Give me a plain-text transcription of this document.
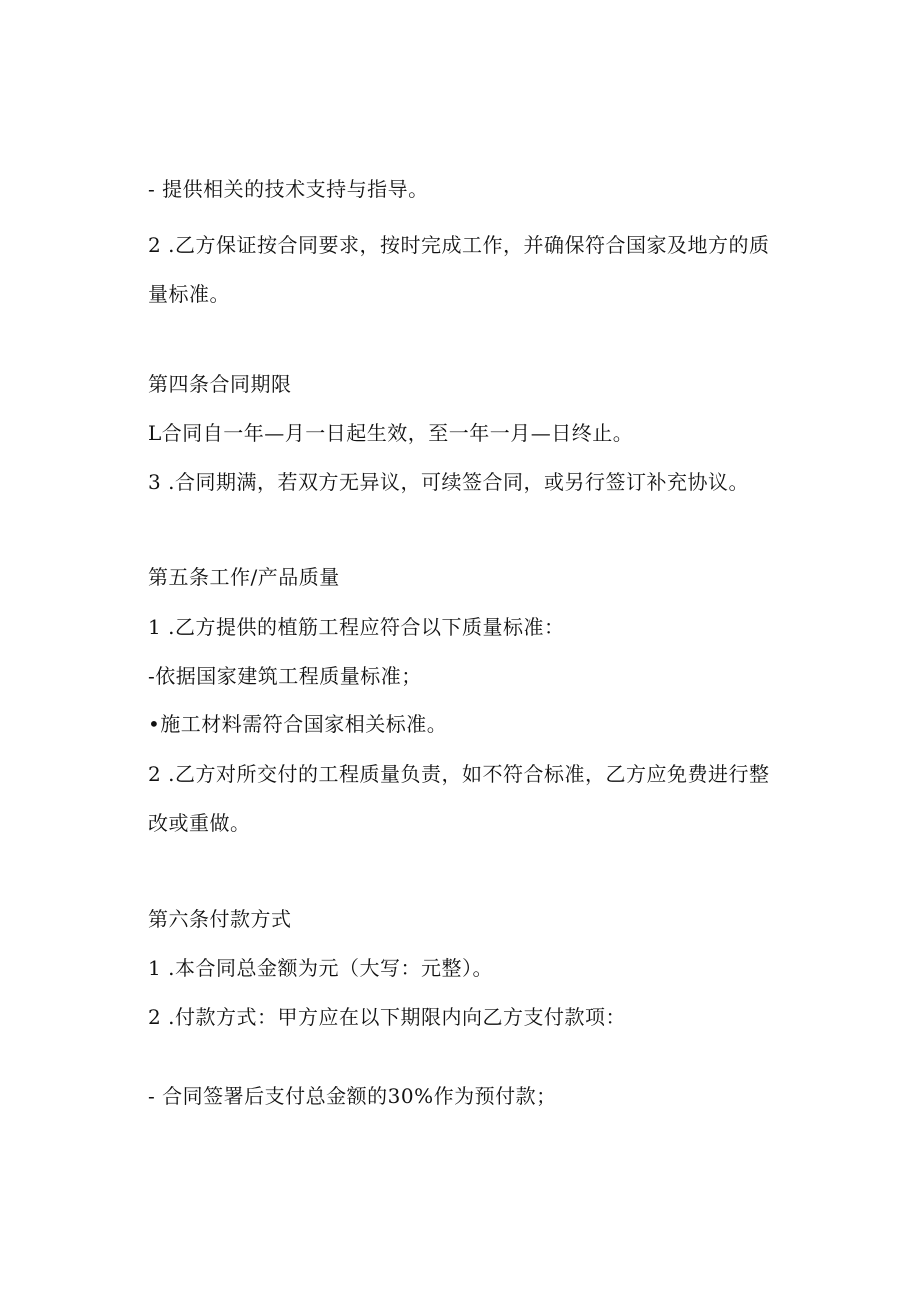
- 提供相关的技术支持与指导。
2 .乙方保证按合同要求，按时完成工作，并确保符合国家及地方的质
量标准。
第四条合同期限
L合同自一年—月一日起生效，至一年一月—日终止。
3 .合同期满，若双方无异议，可续签合同，或另行签订补充协议。
第五条工作/产品质量
1 .乙方提供的植筋工程应符合以下质量标准：
-依据国家建筑工程质量标准；
•施工材料需符合国家相关标准。
2 .乙方对所交付的工程质量负责，如不符合标准，乙方应免费进行整
改或重做。
第六条付款方式
1 .本合同总金额为元（大写：元整）。
2 .付款方式：甲方应在以下期限内向乙方支付款项：
- 合同签署后支付总金额的30%作为预付款；
